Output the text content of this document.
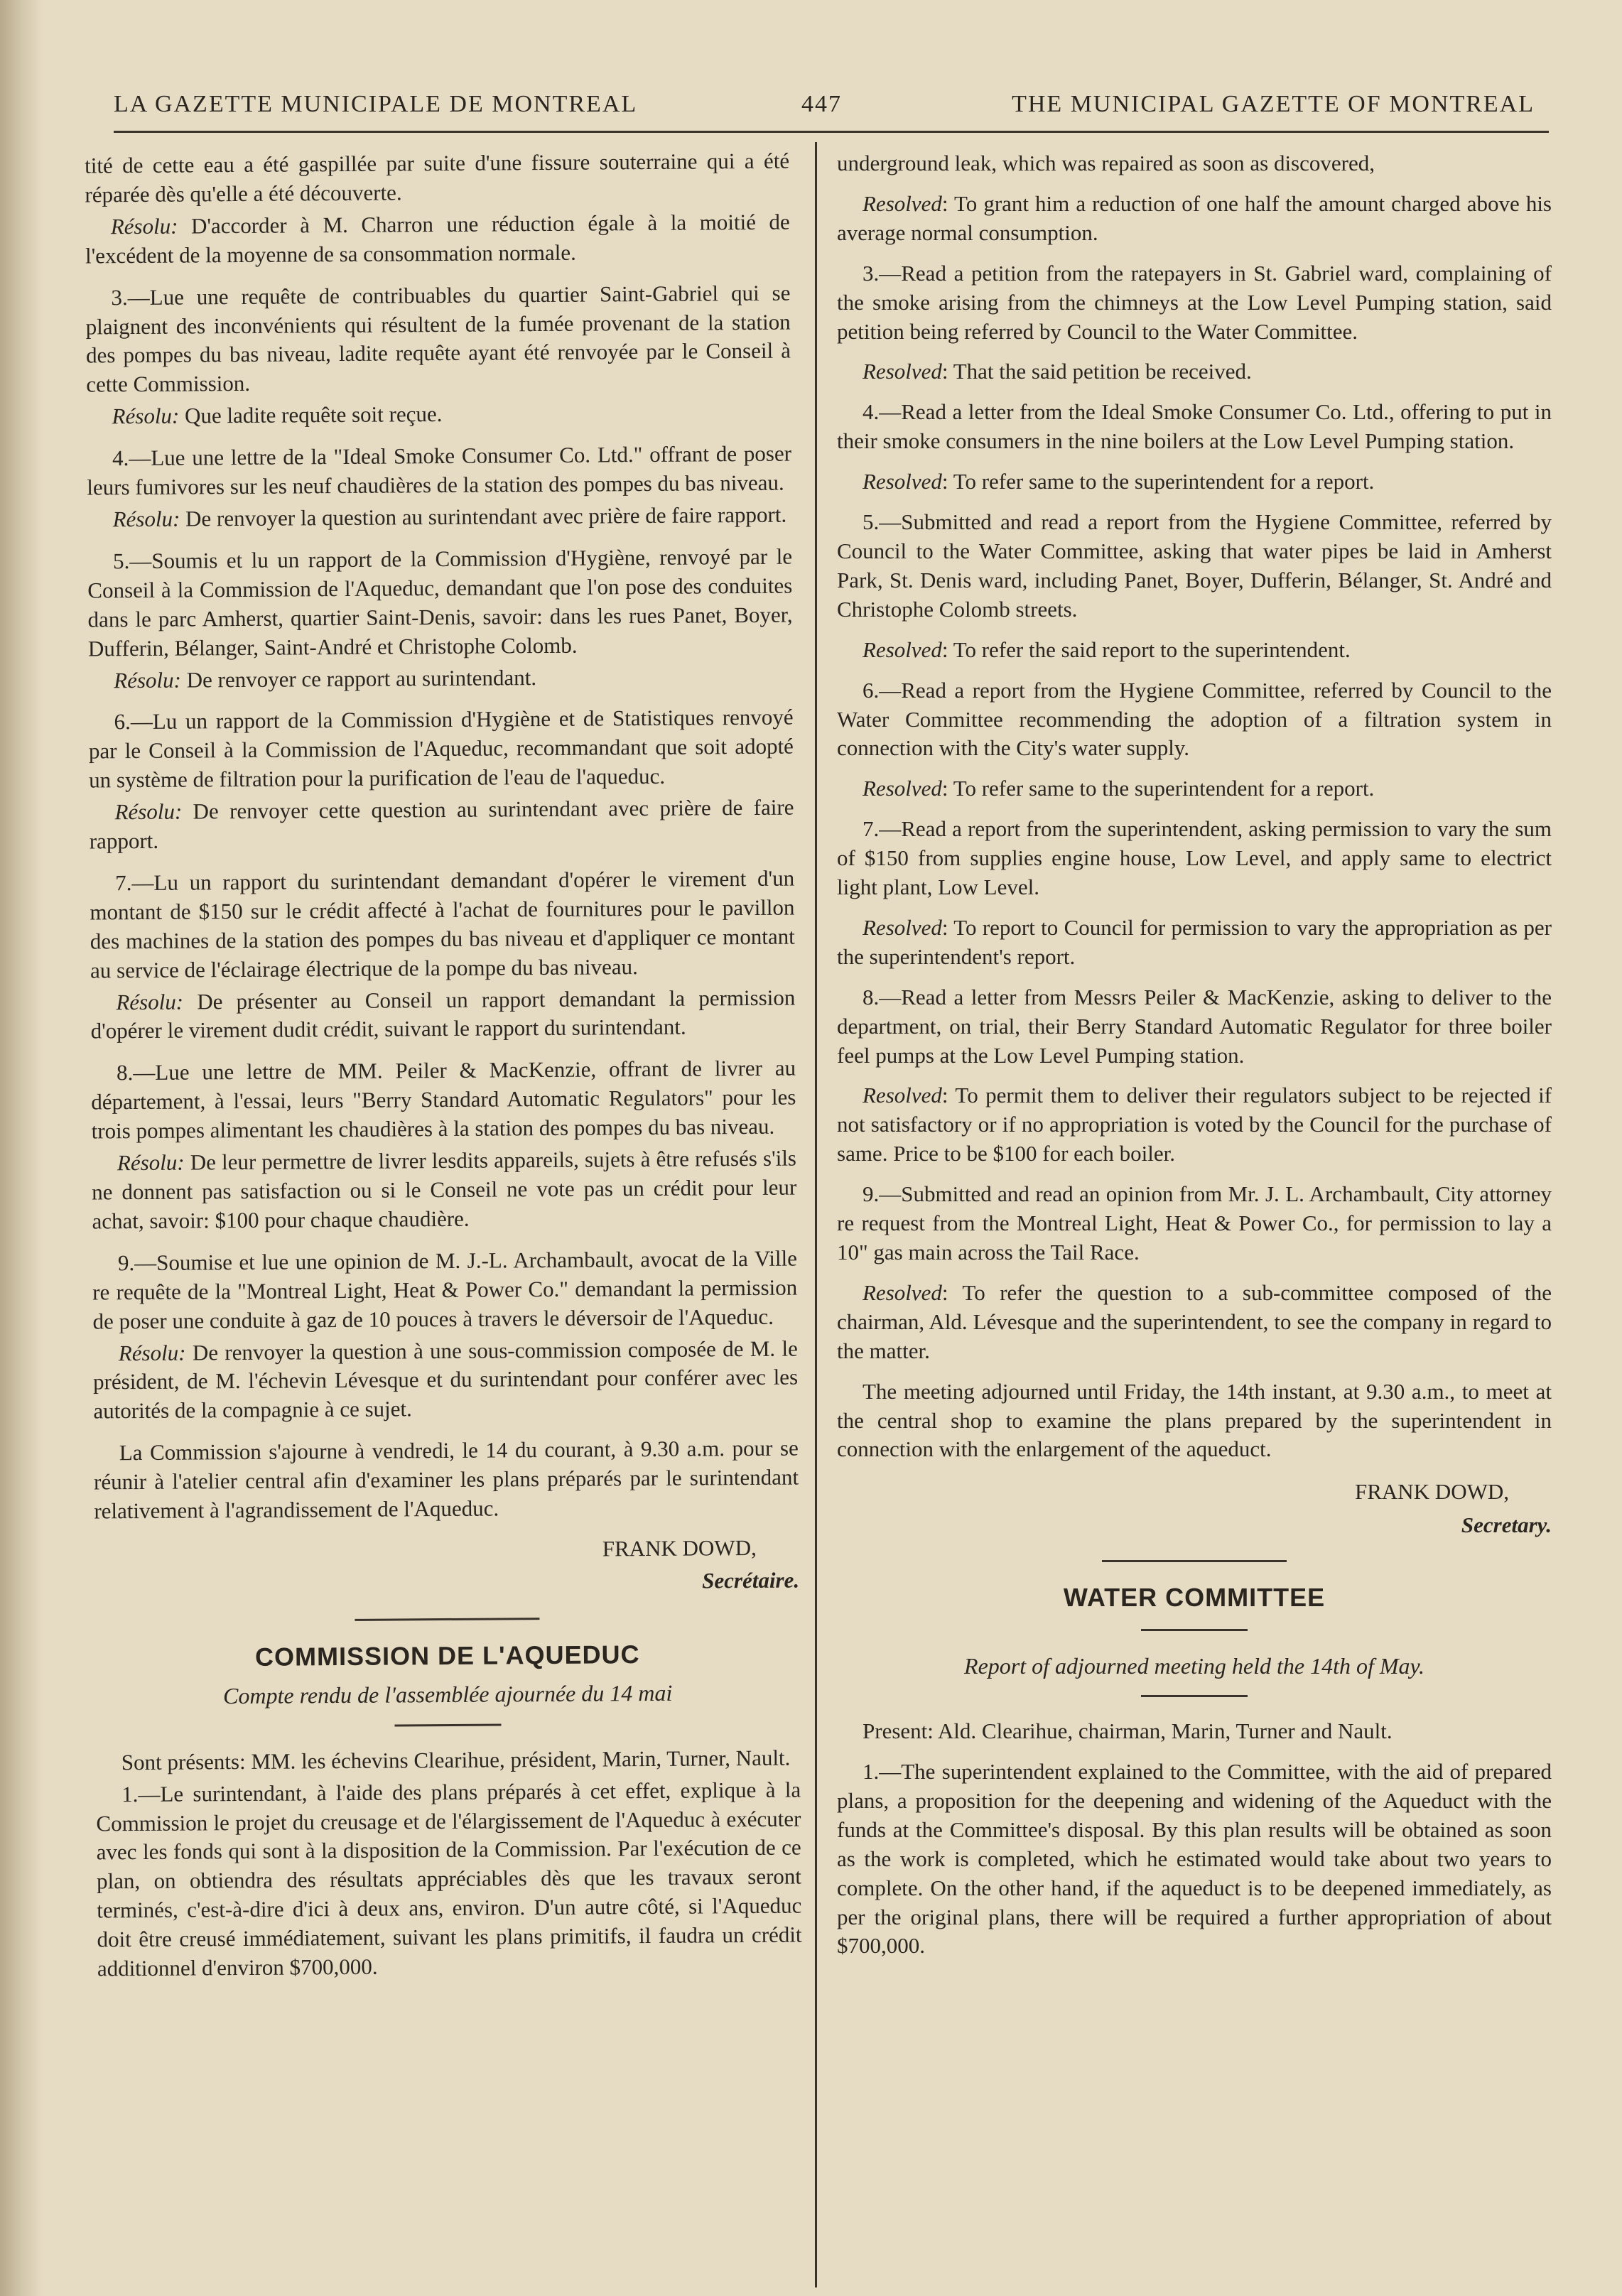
LA GAZETTE MUNICIPALE DE MONTREAL	447	THE MUNICIPAL GAZETTE OF MONTREAL

tité de cette eau a été gaspillée par suite d'une fissure souterraine qui a été réparée dès qu'elle a été découverte.

Résolu: D'accorder à M. Charron une réduction égale à la moitié de l'excédent de la moyenne de sa consommation normale.

3.—Lue une requête de contribuables du quartier Saint-Gabriel qui se plaignent des inconvénients qui résultent de la fumée provenant de la station des pompes du bas niveau, ladite requête ayant été renvoyée par le Conseil à cette Commission.

Résolu: Que ladite requête soit reçue.

4.—Lue une lettre de la "Ideal Smoke Consumer Co. Ltd." offrant de poser leurs fumivores sur les neuf chaudières de la station des pompes du bas niveau.

Résolu: De renvoyer la question au surintendant avec prière de faire rapport.

5.—Soumis et lu un rapport de la Commission d'Hygiène, renvoyé par le Conseil à la Commission de l'Aqueduc, demandant que l'on pose des conduites dans le parc Amherst, quartier Saint-Denis, savoir: dans les rues Panet, Boyer, Dufferin, Bélanger, Saint-André et Christophe Colomb.

Résolu: De renvoyer ce rapport au surintendant.

6.—Lu un rapport de la Commission d'Hygiène et de Statistiques renvoyé par le Conseil à la Commission de l'Aqueduc, recommandant que soit adopté un système de filtration pour la purification de l'eau de l'aqueduc.

Résolu: De renvoyer cette question au surintendant avec prière de faire rapport.

7.—Lu un rapport du surintendant demandant d'opérer le virement d'un montant de $150 sur le crédit affecté à l'achat de fournitures pour le pavillon des machines de la station des pompes du bas niveau et d'appliquer ce montant au service de l'éclairage électrique de la pompe du bas niveau.

Résolu: De présenter au Conseil un rapport demandant la permission d'opérer le virement dudit crédit, suivant le rapport du surintendant.

8.—Lue une lettre de MM. Peiler & MacKenzie, offrant de livrer au département, à l'essai, leurs "Berry Standard Automatic Regulators" pour les trois pompes alimentant les chaudières à la station des pompes du bas niveau.

Résolu: De leur permettre de livrer lesdits appareils, sujets à être refusés s'ils ne donnent pas satisfaction ou si le Conseil ne vote pas un crédit pour leur achat, savoir: $100 pour chaque chaudière.

9.—Soumise et lue une opinion de M. J.-L. Archambault, avocat de la Ville re requête de la "Montreal Light, Heat & Power Co." demandant la permission de poser une conduite à gaz de 10 pouces à travers le déversoir de l'Aqueduc.

Résolu: De renvoyer la question à une sous-commission composée de M. le président, de M. l'échevin Lévesque et du surintendant pour conférer avec les autorités de la compagnie à ce sujet.

La Commission s'ajourne à vendredi, le 14 du courant, à 9.30 a.m. pour se réunir à l'atelier central afin d'examiner les plans préparés par le surintendant relativement à l'agrandissement de l'Aqueduc.

FRANK DOWD,
Secrétaire.
COMMISSION DE L'AQUEDUC
Compte rendu de l'assemblée ajournée du 14 mai

Sont présents: MM. les échevins Clearihue, président, Marin, Turner, Nault.

1.—Le surintendant, à l'aide des plans préparés à cet effet, explique à la Commission le projet du creusage et de l'élargissement de l'Aqueduc à exécuter avec les fonds qui sont à la disposition de la Commission. Par l'exécution de ce plan, on obtiendra des résultats appréciables dès que les travaux seront terminés, c'est-à-dire d'ici à deux ans, environ. D'un autre côté, si l'Aqueduc doit être creusé immédiatement, suivant les plans primitifs, il faudra un crédit additionnel d'environ $700,000.

underground leak, which was repaired as soon as discovered,

Resolved: To grant him a reduction of one half the amount charged above his average normal consumption.

3.—Read a petition from the ratepayers in St. Gabriel ward, complaining of the smoke arising from the chimneys at the Low Level Pumping station, said petition being referred by Council to the Water Committee.

Resolved: That the said petition be received.

4.—Read a letter from the Ideal Smoke Consumer Co. Ltd., offering to put in their smoke consumers in the nine boilers at the Low Level Pumping station.

Resolved: To refer same to the superintendent for a report.

5.—Submitted and read a report from the Hygiene Committee, referred by Council to the Water Committee, asking that water pipes be laid in Amherst Park, St. Denis ward, including Panet, Boyer, Dufferin, Bélanger, St. André and Christophe Colomb streets.

Resolved: To refer the said report to the superintendent.

6.—Read a report from the Hygiene Committee, referred by Council to the Water Committee recommending the adoption of a filtration system in connection with the City's water supply.

Resolved: To refer same to the superintendent for a report.

7.—Read a report from the superintendent, asking permission to vary the sum of $150 from supplies engine house, Low Level, and apply same to electrict light plant, Low Level.

Resolved: To report to Council for permission to vary the appropriation as per the superintendent's report.

8.—Read a letter from Messrs Peiler & MacKenzie, asking to deliver to the department, on trial, their Berry Standard Automatic Regulator for three boiler feel pumps at the Low Level Pumping station.

Resolved: To permit them to deliver their regulators subject to be rejected if not satisfactory or if no appropriation is voted by the Council for the purchase of same. Price to be $100 for each boiler.

9.—Submitted and read an opinion from Mr. J. L. Archambault, City attorney re request from the Montreal Light, Heat & Power Co., for permission to lay a 10" gas main across the Tail Race.

Resolved: To refer the question to a sub-committee composed of the chairman, Ald. Lévesque and the superintendent, to see the company in regard to the matter.

The meeting adjourned until Friday, the 14th instant, at 9.30 a.m., to meet at the central shop to examine the plans prepared by the superintendent in connection with the enlargement of the aqueduct.

FRANK DOWD,
Secretary.
WATER COMMITTEE
Report of adjourned meeting held the 14th of May.

Present: Ald. Clearihue, chairman, Marin, Turner and Nault.

1.—The superintendent explained to the Committee, with the aid of prepared plans, a proposition for the deepening and widening of the Aqueduct with the funds at the Committee's disposal. By this plan results will be obtained as soon as the work is completed, which he estimated would take about two years to complete. On the other hand, if the aqueduct is to be deepened immediately, as per the original plans, there will be required a further appropriation of about $700,000.
